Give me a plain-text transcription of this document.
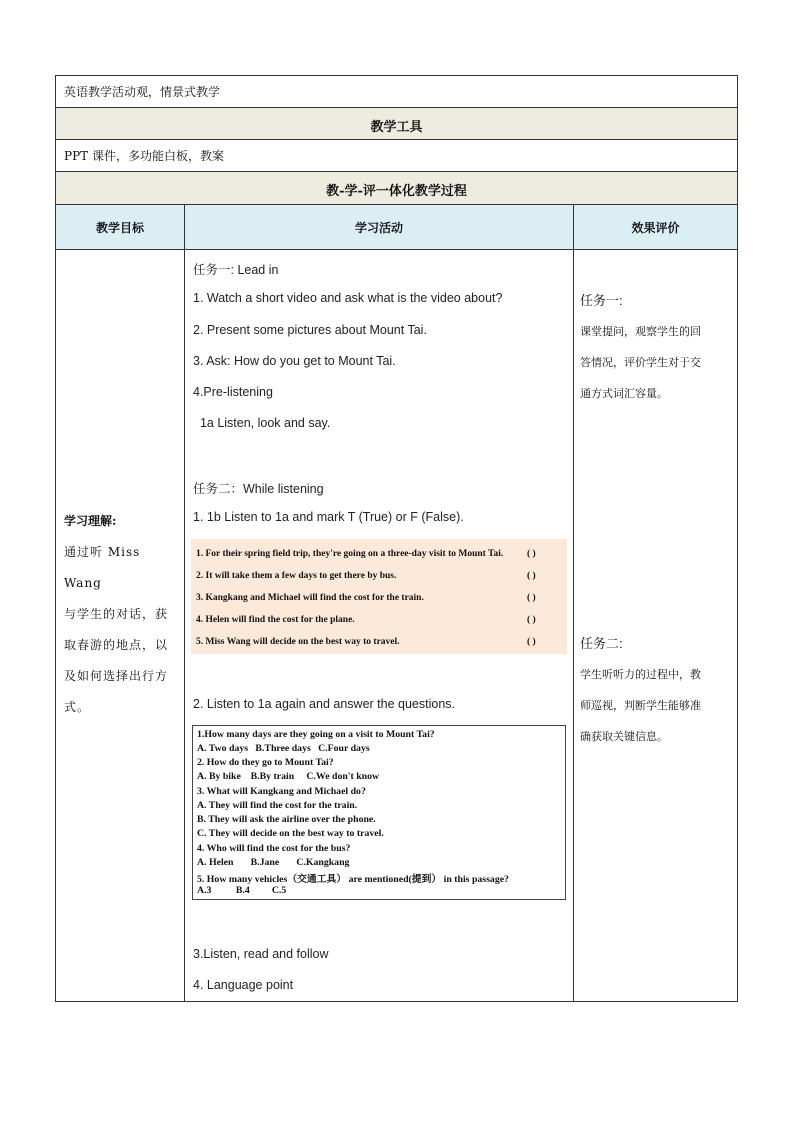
英语教学活动观，情景式教学
教学工具
PPT 课件，多功能白板，教案
教-学-评一体化教学过程
教学目标	学习活动	效果评价
学习理解:
通过听 Miss Wang
与学生的对话，获
取春游的地点，以
及如何选择出行方
式。
任务一: Lead in
1. Watch a short video and ask what is the video about?
2. Present some pictures about Mount Tai.
3. Ask: How do you get to Mount Tai.
4.Pre-listening
1a Listen, look and say.
任务二：While listening
1. 1b Listen to 1a and mark T (True) or F (False).
1. For their spring field trip, they're going on a three-day visit to Mount Tai. ( )
2. It will take them a few days to get there by bus.	( )
3. Kangkang and Michael will find the cost for the train.	( )
4. Helen will find the cost for the plane.	( )
5. Miss Wang will decide on the best way to travel.	( )
2. Listen to 1a again and answer the questions.
1.How many days are they going on a visit to Mount Tai?
A. Two days   B.Three days   C.Four days
2. How do they go to Mount Tai?
A. By bike    B.By train     C.We don't know
3. What will Kangkang and Michael do?
A. They will find the cost for the train.
B. They will ask the airline over the phone.
C. They will decide on the best way to travel.
4. Who will find the cost for the bus?
A. Helen       B.Jane       C.Kangkang
5. How many vehicles（交通工具） are mentioned(提到） in this passage?
A.3          B.4         C.5
3.Listen, read and follow
4. Language point
任务一:
课堂提问，观察学生的回
答情况，评价学生对于交
通方式词汇容量。
任务二:
学生听听力的过程中，教
师巡视，判断学生能够准
确获取关键信息。
